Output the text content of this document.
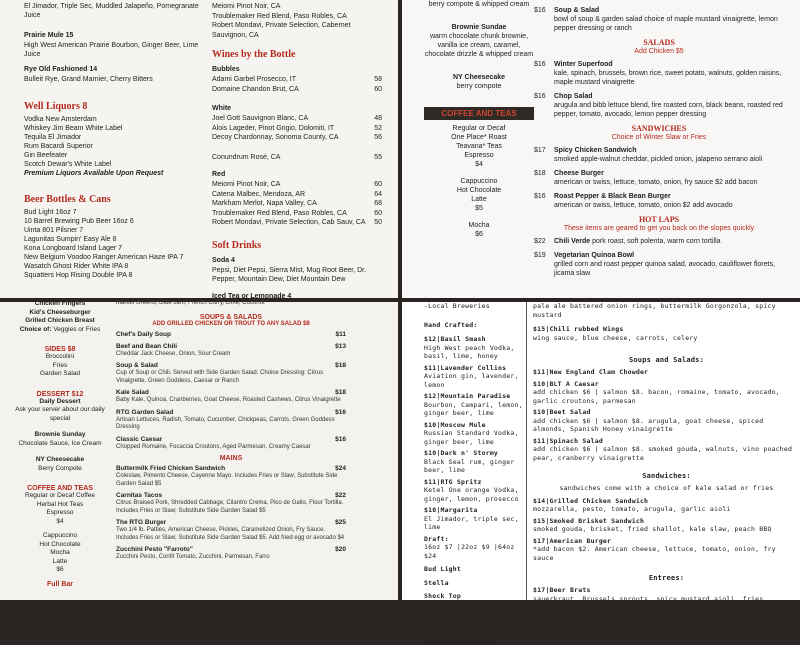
El Jimador, Triple Sec, Muddled Jalapeño, Pomegranate
Juice
Prairie Mule 15
High West American Prairie Bourbon, Ginger Beer, Lime Juice
Rye Old Fashioned 14
Bulleit Rye, Grand Marnier, Cherry Bitters
Well Liquors 8
Vodka New Amsterdam
Whiskey Jim Beam White Label
Tequila El Jimador
Rum Bacardi Superior
Gin Beefeater
Scotch Dewar's White Label
Premium Liquors Available Upon Request
Beer Bottles & Cans
Bud Light 16oz 7
10 Barrel Brewing Pub Beer 16oz 6
Uinta 801 Pilsner 7
Lagunitas Sumpin' Easy Ale 8
Kona Longboard Island Lager 7
New Belgium Voodoo Ranger American Haze IPA 7
Wasatch Ghost Rider White IPA 8
Squatters Hop Rising Double IPA 8
Meiomi Pinot Noir, CA
Troublemaker Red Blend, Paso Robles, CA
Robert Mondavi, Private Selection, Cabernet Sauvignon, CA
Wines by the Bottle
Bubbles
Adami Garbel Prosecco, IT	58
Domaine Chandon Brut, CA	60
White
Joel Gott Sauvignon Blanc, CA	48
Alois Lageder, Pinot Grigio, Dolomiti, IT	52
Decoy Chardonnay, Sonoma County, CA	56
Conundrum Rosé, CA	55
Red
Meiomi Pinot Noir, CA	60
Catena Malbec, Mendoza, AR	64
Markham Merlot, Napa Valley, CA	68
Troublemaker Red Blend, Paso Robles, CA	60
Robert Mondavi, Private Selection, Cab Sauv, CA 50
Soft Drinks
Soda 4
Pepsi, Diet Pepsi, Sierra Mist, Mug Root Beer, Dr. Pepper, Mountain Dew, Diet Mountain Dew
Iced Tea or Lemonade 4
berry compote & whipped cream
Brownie Sundae
warm chocolate chunk brownie, vanilla ice cream, caramel, chocolate drizzle & whipped cream
NY Cheesecake
berry compote
COFFEE AND TEAS
Regular or Decaf
One Place* Roast
Teavana* Teas
Espresso
$4
Cappuccino
Hot Chocolate
Latte
$5
Mocha
$6
$16	Soup & Salad
bowl of soup & garden salad choice of maple mustard vinaigrette, lemon pepper dressing or ranch
SALADS
Add Chicken $5
$16	Winter Superfood
kale, spinach, brussels, brown rice, sweet potato, walnuts, golden raisins, maple mustard vinaigrette
$16	Chop Salad
arugula and bibb lettuce blend, fire roasted corn, black beans, roasted red pepper, tomato, avocado, lemon pepper dressing
SANDWICHES
Choice of Winter Slaw or Fries
$17	Spicy Chicken Sandwich
smoked apple-walnut cheddar, pickled onion, jalapeno serrano aioli
$18	Cheese Burger
american or swiss, lettuce, tomato, onion, fry sauce $2 add bacon
$16	Roast Pepper & Black Bean Burger
american or swiss, lettuce, tomato, onion $2 add avocado
HOT LAPS
These items are geared to get you back on the slopes quickly
$22	Chili Verde pork roast, soft polenta, warm corn tortilla
$19	Vegetarian Quinoa Bowl
grilled corn and roast pepper quinoa salad, avocado, cauliflower florets, jicama slaw
Chicken Fingers
Kid's Cheeseburger
Grilled Chicken Breast
Choice of: Veggies or Fries
SIDES $8
Broccolini
Fries
Garden Salad
DESSERT $12
Daily Dessert
Ask your server about our daily special
Brownie Sunday
Chocolate Sauce, Ice Cream
NY Cheesecake
Berry Compote
COFFEE AND TEAS
Regular or Decaf Coffee
Herbal Hot Teas
Espresso
$4
Cappuccino
Hot Chocolate
Mocha
Latte
$6
Full Bar
Market Greens, Date Jam, French Curry, Lime, Coconut
SOUPS & SALADS
ADD GRILLED CHICKEN OR TROUT TO ANY SALAD $8
Chef's Daily Soup	$11
Beef and Bean Chili	$13
Cheddar Jack Cheese, Onion, Sour Cream
Soup & Salad	$18
Cup of Soup or Chili. Served with Side Garden Salad. Choice Dressing: Citrus Vinaigrette, Green Goddess, Caesar or Ranch
Kale Salad	$18
Baby Kale, Quinoa, Cranberries, Goat Cheese, Roasted Cashews, Citrus Vinaigrette
RTG Garden Salad	$16
Artisan Lettuces, Radish, Tomato, Cucumber, Chickpeas, Carrots. Green Goddess Dressing
Classic Caesar	$16
Chopped Romaine, Focaccia Croutons, Aged Parmesan, Creamy Caesar
MAINS
Buttermilk Fried Chicken Sandwich	$24
Coleslaw, Pimento Cheese, Cayenne Mayo. Includes Fries or Slaw; Substitute Side Garden Salad $5
Carnitas Tacos	$22
Citrus Braised Pork, Shredded Cabbage, Cilantro Crema, Pico de Gallo, Flour Tortilla. Includes Fries or Slaw; Substitute Side Garden Salad $5
The RTG Burger	$25
Two 1/4 lb. Patties, American Cheese, Pickles, Caramelized Onion, Fry Sauce. Includes Fries or Slaw; Substitute Side Garden Salad $5. Add fried egg or avocado $4
Zucchini Pesto "Farroto"	$20
Zucchini Pesto, Confit Tomato, Zucchini, Parmesan, Farro
-Local Breweries
Hand Crafted:
$12|Basil Smash
High West peach Vodka, basil, lime, honey
$11|Lavender Collins
Aviation gin, lavender, lemon
$12|Mountain Paradise
Bourbon, Campari, lemon, ginger beer, lime
$10|Moscow Mule
Russian Standard Vodka, ginger beer, lime
$10|Dark n' Stormy
Black Seal rum, ginger beer, lime
$11|RTG Spritz
Ketel One orange Vodka, ginger, lemon, prosecco
$10|Margarita
El Jimador, triple sec, lime
Draft:
16oz $7 |22oz $9 |64oz $24
Bud Light
Stella
Shock Top
Cutthroat
Uinta Brewing
Hooker Blonde
Park City Brewing
pale ale battered onion rings, buttermilk Gorgonzola, spicy mustard
$15|Chili rubbed Wings
wing sauce, blue cheese, carrots, celery
Soups and Salads:
$11|New England Clam Chowder
$10|BLT A Caesar
add chicken $6 | salmon $8. bacon, romaine, tomato, avocado, garlic croutons, parmesan
$10|Beet Salad
add chicken $6 | salmon $8. arugula, goat cheese, spiced almonds, Spanish Honey vinaigrette
$11|Spinach Salad
add chicken $6 | salmon $8. smoked gouda, walnuts, vino poached pear, cranberry vinaigrette
Sandwiches:
sandwiches come with a choice of kale salad or fries
$14|Grilled Chicken Sandwich
mozzarella, pesto, tomato, arugula, garlic aioli
$15|Smoked Brisket Sandwich
smoked gouda, brisket, fried shallot, kale slaw, peach BBQ
$17|American Burger
*add bacon $2. American cheese, lettuce, tomato, onion, fry sauce
Entrees:
$17|Beer Brats
sauerkraut, Brussels sprouts, spicy mustard aioli, fries
$24|Salmon*
